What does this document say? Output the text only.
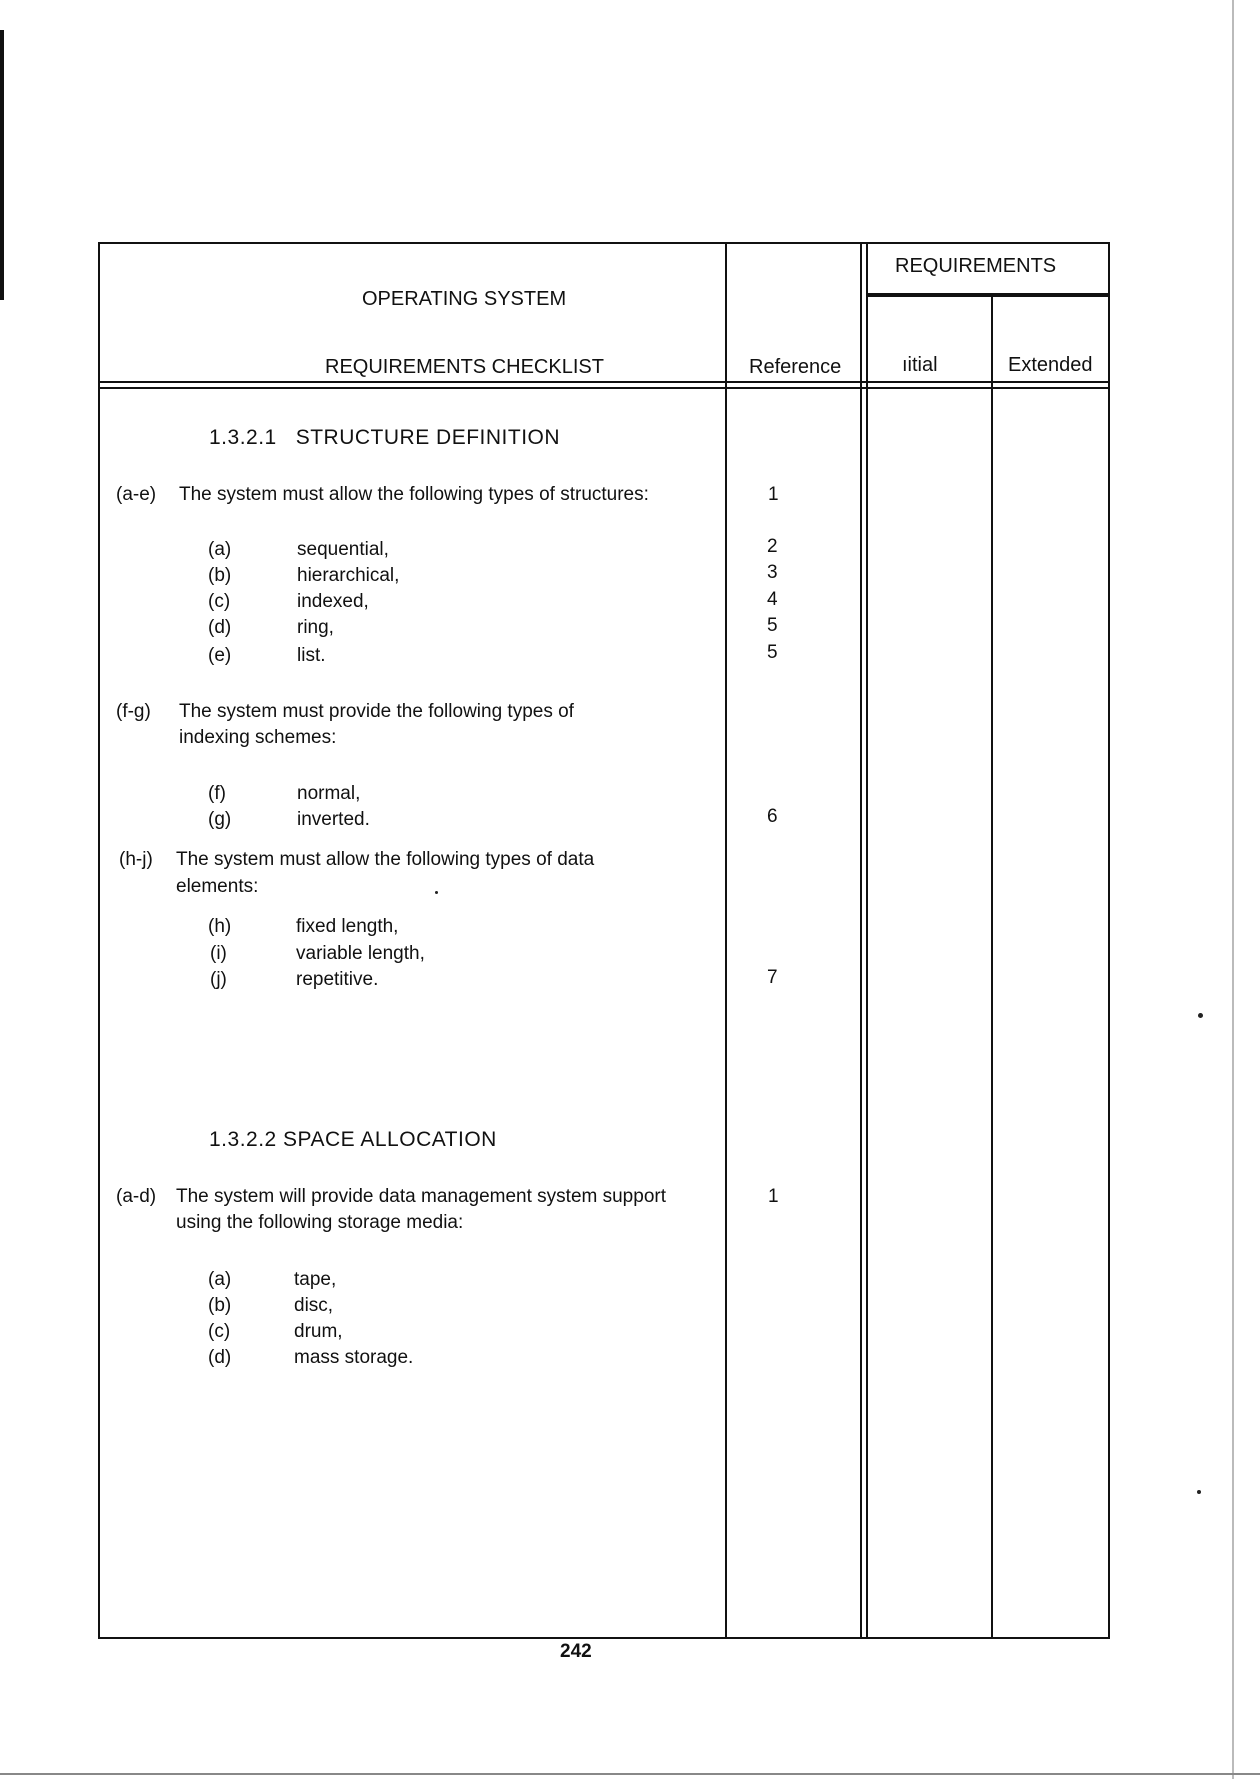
OPERATING SYSTEM
REQUIREMENTS CHECKLIST	Reference
REQUIREMENTS
ıitial	Extended
1.3.2.1   STRUCTURE DEFINITION
(a-e) The system must allow the following types of structures:	1
(a)	sequential,	2
(b)	hierarchical,	3
(c)	indexed,	4
(d)	ring,	5
(e)	list.	5
(f-g) The system must provide the following types of
indexing schemes:
(f)	normal,
(g)	inverted.	6
(h-j) The system must allow the following types of data
elements:
(h)	fixed length,
(i)	variable length,
(j)	repetitive.	7
1.3.2.2 SPACE ALLOCATION
(a-d) The system will provide data management system support
using the following storage media:
1
(a)	tape,
(b)	disc,
(c)	drum,
(d)	mass storage.
242
